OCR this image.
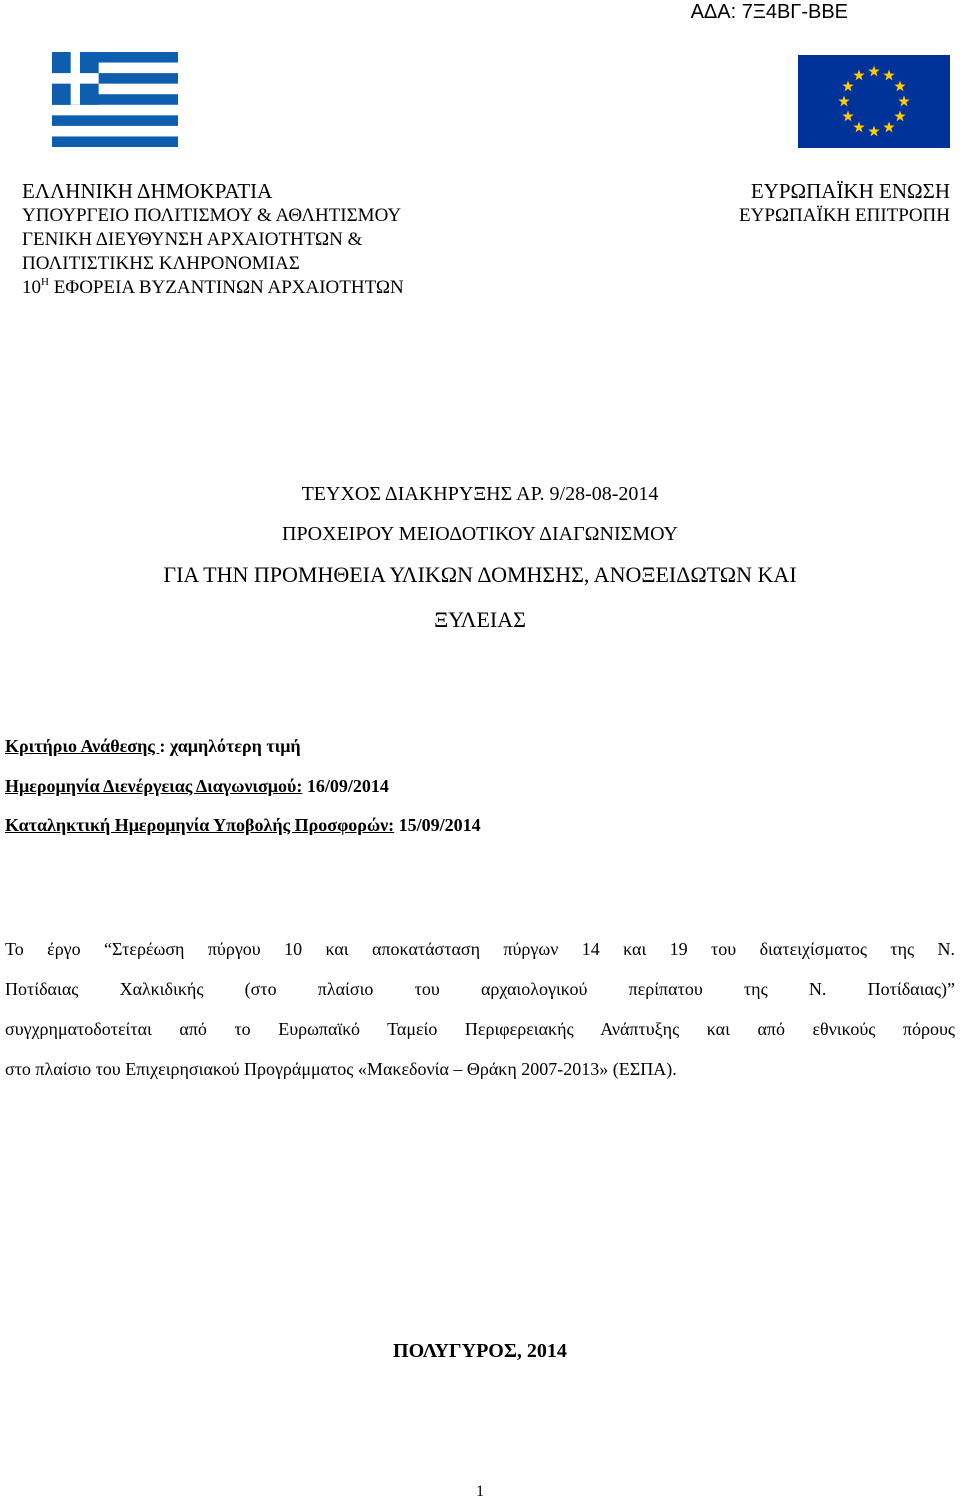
ΑΔΑ: 7Ξ4ΒΓ-ΒΒΕ
ΕΛΛΗΝΙΚΗ ΔΗΜΟΚΡΑΤΙΑ
ΥΠΟΥΡΓΕΙΟ ΠΟΛΙΤΙΣΜΟΥ & ΑΘΛΗΤΙΣΜΟΥ
ΓΕΝΙΚΗ ΔΙΕΥΘΥΝΣΗ ΑΡΧΑΙΟΤΗΤΩΝ &
ΠΟΛΙΤΙΣΤΙΚΗΣ ΚΛΗΡΟΝΟΜΙΑΣ
$10^H$ ΕΦΟΡΕΙΑ ΒΥΖΑΝΤΙΝΩΝ ΑΡΧΑΙΟΤΗΤΩΝ
ΕΥΡΩΠΑΪΚΗ ΕΝΩΣΗ
ΕΥΡΩΠΑΪΚΗ ΕΠΙΤΡΟΠΗ
ΤΕΥΧΟΣ ΔΙΑΚΗΡΥΞΗΣ ΑΡ. 9/28-08-2014
ΠΡΟΧΕΙΡΟΥ ΜΕΙΟΔΟΤΙΚΟΥ ΔΙΑΓΩΝΙΣΜΟΥ
ΓΙΑ ΤΗΝ ΠΡΟΜΗΘΕΙΑ ΥΛΙΚΩΝ ΔΟΜΗΣΗΣ, ΑΝΟΞΕΙΔΩΤΩΝ ΚΑΙ
ΞΥΛΕΙΑΣ
Κριτήριο Ανάθεσης : χαμηλότερη τιμή
Ημερομηνία Διενέργειας Διαγωνισμού: 16/09/2014
Καταληκτική Ημερομηνία Υποβολής Προσφορών: 15/09/2014
Το έργο “Στερέωση πύργου 10 και αποκατάσταση πύργων 14 και 19 του διατειχίσματος της Ν.
Ποτίδαιας Χαλκιδικής (στο πλαίσιο του αρχαιολογικού περίπατου της Ν. Ποτίδαιας)”
συγχρηματοδοτείται από το Ευρωπαϊκό Ταμείο Περιφερειακής Ανάπτυξης και από εθνικούς πόρους
στο πλαίσιο του Επιχειρησιακού Προγράμματος «Μακεδονία – Θράκη 2007-2013» (ΕΣΠΑ).
ΠΟΛΥΓΥΡΟΣ, 2014
1
